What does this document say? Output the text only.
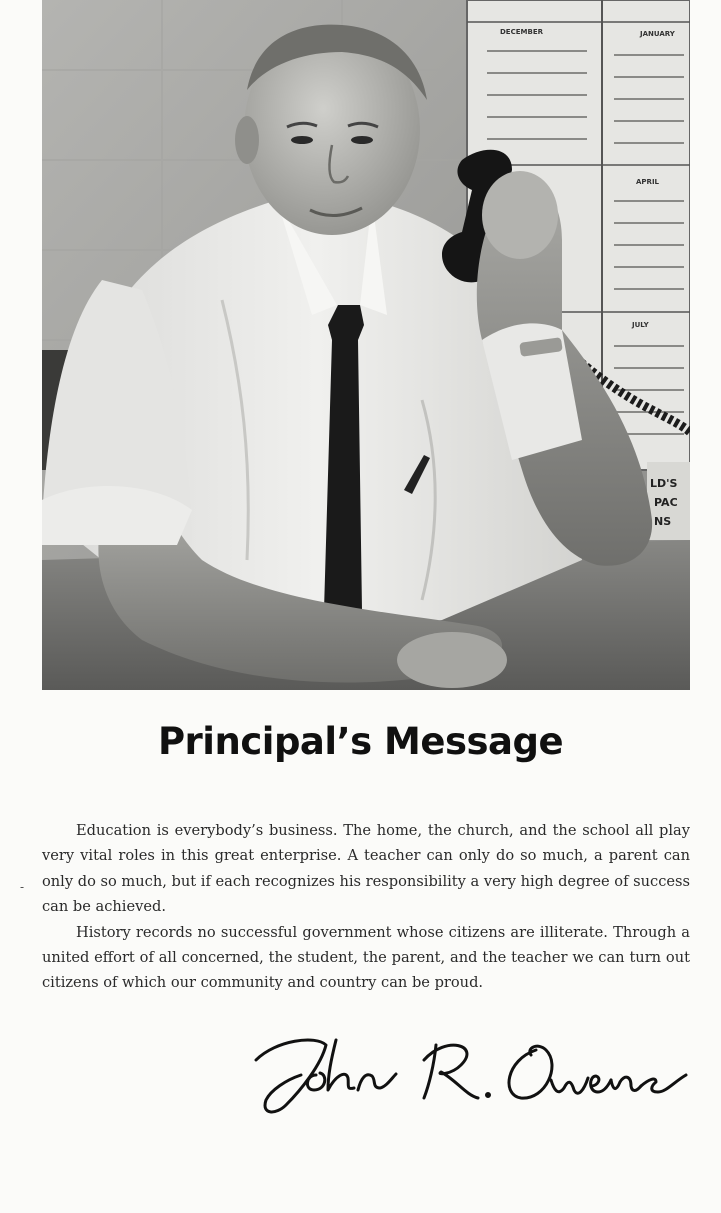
DECEMBER	JANUARY
APRIL
JULY
LD'S
PAC
NS
Principal’s Message
-

Education is everybody’s business. The home, the church, and the school all play very vital roles in this great enterprise. A teacher can only do so much, a parent can only do so much, but if each recognizes his responsibility a very high degree of success can be achieved.

History records no successful government whose citizens are illiterate. Through a united effort of all concerned, the student, the parent, and the teacher we can turn out citizens of which our community and country can be proud.
